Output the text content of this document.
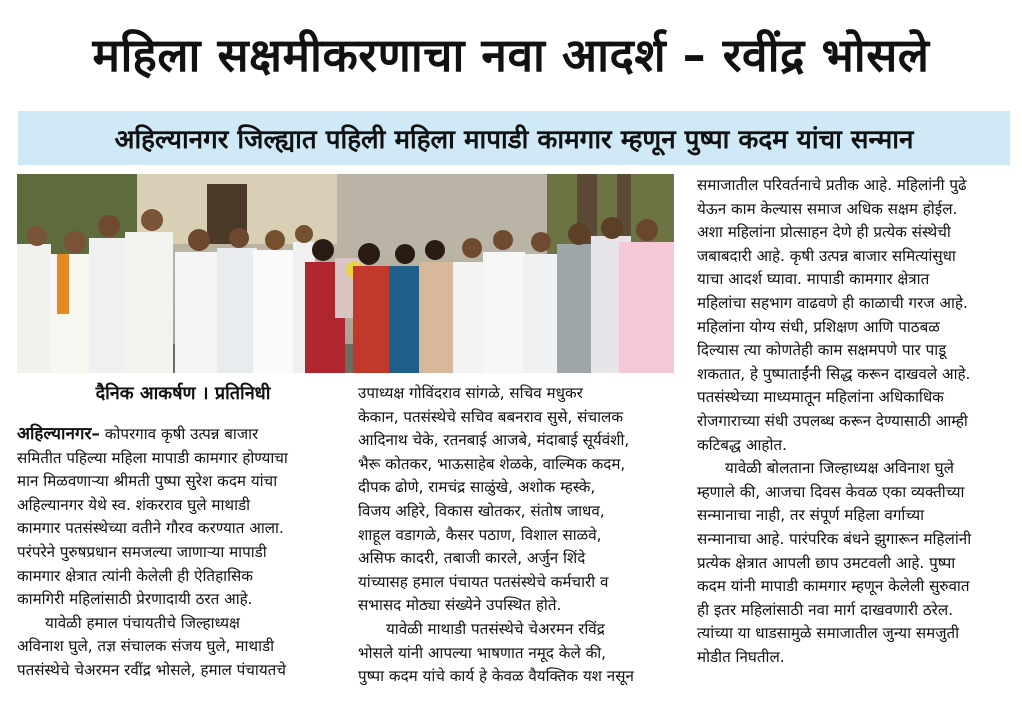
महिला सक्षमीकरणाचा नवा आदर्श – रवींद्र भोसले
अहिल्यानगर जिल्ह्यात पहिली महिला मापाडी कामगार म्हणून पुष्पा कदम यांचा सन्मान
दैनिक आकर्षण । प्रतिनिधी

अहिल्यानगर– कोपरगाव कृषी उत्पन्न बाजार

समितीत पहिल्या महिला मापाडी कामगार होण्याचा

मान मिळवणार्‍या श्रीमती पुष्पा सुरेश कदम यांचा

अहिल्यानगर येथे स्व. शंकरराव घुले माथाडी

कामगार पतसंस्थेच्या वतीने गौरव करण्यात आला.

परंपरेने पुरुषप्रधान समजल्या जाणार्‍या मापाडी

कामगार क्षेत्रात त्यांनी केलेली ही ऐतिहासिक

कामगिरी महिलांसाठी प्रेरणादायी ठरत आहे.

यावेळी हमाल पंचायतीचे जिल्हाध्यक्ष

अविनाश घुले, तज्ञ संचालक संजय घुले, माथाडी

पतसंस्थेचे चेअरमन रवींद्र भोसले, हमाल पंचायतचे

उपाध्यक्ष गोविंदराव सांगळे, सचिव मधुकर

केकान, पतसंस्थेचे सचिव बबनराव सुसे, संचालक

आदिनाथ चेके, रतनबाई आजबे, मंदाबाई सूर्यवंशी,

भैरू कोतकर, भाऊसाहेब शेळके, वाल्मिक कदम,

दीपक ढोणे, रामचंद्र साळुंखे, अशोक म्हस्के,

विजय अहिरे, विकास खोतकर, संतोष जाधव,

शाहूल वडागळे, कैसर पठाण, विशाल साळवे,

असिफ कादरी, तबाजी कारले, अर्जुन शिंदे

यांच्यासह हमाल पंचायत पतसंस्थेचे कर्मचारी व

सभासद मोठ्या संख्येने उपस्थित होते.

यावेळी माथाडी पतसंस्थेचे चेअरमन रविंद्र

भोसले यांनी आपल्या भाषणात नमूद केले की,

पुष्पा कदम यांचे कार्य हे केवळ वैयक्तिक यश नसून

समाजातील परिवर्तनाचे प्रतीक आहे. महिलांनी पुढे

येऊन काम केल्यास समाज अधिक सक्षम होईल.

अशा महिलांना प्रोत्साहन देणे ही प्रत्येक संस्थेची

जबाबदारी आहे. कृषी उत्पन्न बाजार समित्यांसुधा

याचा आदर्श घ्यावा. मापाडी कामगार क्षेत्रात

महिलांचा सहभाग वाढवणे ही काळाची गरज आहे.

महिलांना योग्य संधी, प्रशिक्षण आणि पाठबळ

दिल्यास त्या कोणतेही काम सक्षमपणे पार पाडू

शकतात, हे पुष्पाताईंनी सिद्ध करून दाखवले आहे.

पतसंस्थेच्या माध्यमातून महिलांना अधिकाधिक

रोजगाराच्या संधी उपलब्ध करून देण्यासाठी आम्ही

कटिबद्ध आहोत.

यावेळी बोलताना जिल्हाध्यक्ष अविनाश घुले

म्हणाले की, आजचा दिवस केवळ एका व्यक्तीच्या

सन्मानाचा नाही, तर संपूर्ण महिला वर्गाच्या

सन्मानाचा आहे. पारंपरिक बंधने झुगारून महिलांनी

प्रत्येक क्षेत्रात आपली छाप उमटवली आहे. पुष्पा

कदम यांनी मापाडी कामगार म्हणून केलेली सुरुवात

ही इतर महिलांसाठी नवा मार्ग दाखवणारी ठरेल.

त्यांच्या या धाडसामुळे समाजातील जुन्या समजुती

मोडीत निघतील.
